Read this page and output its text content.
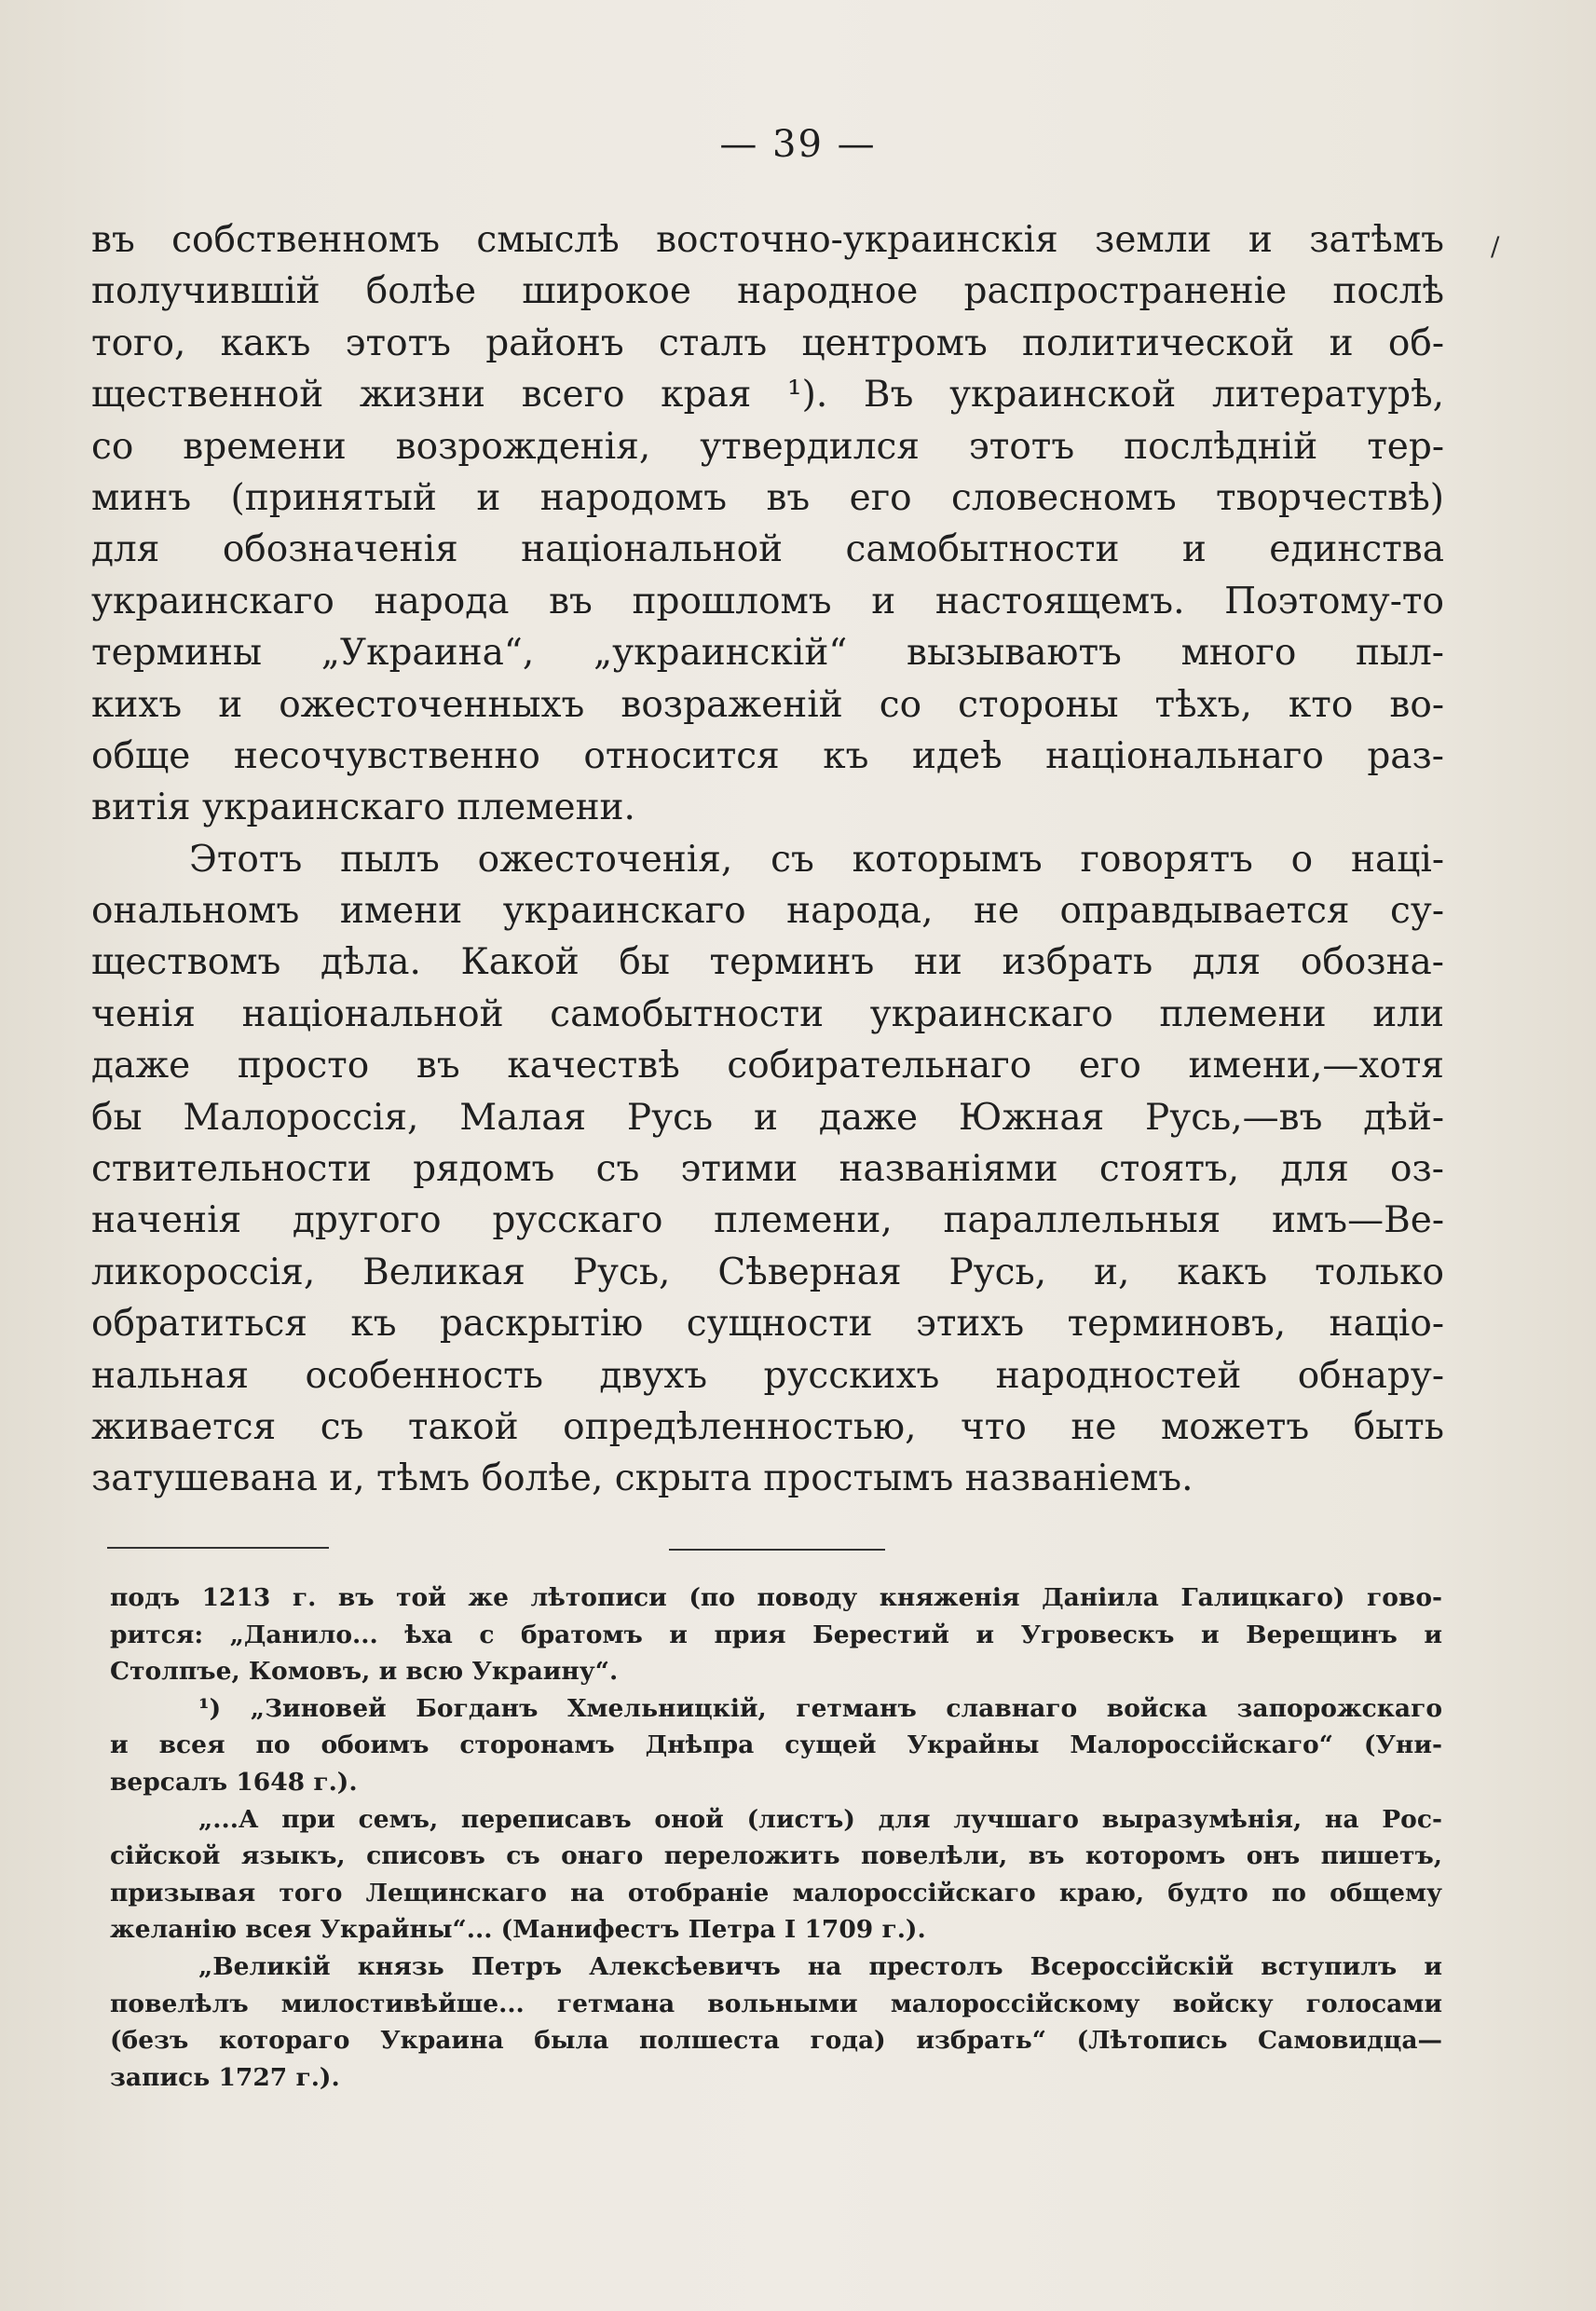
— 39 —
въ собственномъ смыслѣ восточно-украинскія земли и затѣмъ
получившій болѣе широкое народное распространеніе послѣ
того, какъ этотъ районъ сталъ центромъ политической и об-
щественной жизни всего края ¹). Въ украинской литературѣ,
со времени возрожденія, утвердился этотъ послѣдній тер-
минъ (принятый и народомъ въ его словесномъ творчествѣ)
для обозначенія національной самобытности и единства
украинскаго народа въ прошломъ и настоящемъ. Поэтому-то
термины „Украина“, „украинскій“ вызываютъ много пыл-
кихъ и ожесточенныхъ возраженій со стороны тѣхъ, кто во-
обще несочувственно относится къ идеѣ національнаго раз-
витія украинскаго племени.
Этотъ пылъ ожесточенія, съ которымъ говорятъ о наці-
ональномъ имени украинскаго народа, не оправдывается су-
ществомъ дѣла. Какой бы терминъ ни избрать для обозна-
ченія національной самобытности украинскаго племени или
даже просто въ качествѣ собирательнаго его имени,—хотя
бы Малороссія, Малая Русь и даже Южная Русь,—въ дѣй-
ствительности рядомъ съ этими названіями стоятъ, для оз-
наченія другого русскаго племени, параллельныя имъ—Ве-
ликороссія, Великая Русь, Сѣверная Русь, и, какъ только
обратиться къ раскрытію сущности этихъ терминовъ, націо-
нальная особенность двухъ русскихъ народностей обнару-
живается съ такой опредѣленностью, что не можетъ быть
затушевана и, тѣмъ болѣе, скрыта простымъ названіемъ.
подъ 1213 г. въ той же лѣтописи (по поводу княженія Даніила Галицкаго) гово-
рится: „Данило... ѣха с братомъ и прия Берестий и Угровескъ и Верещинъ и
Столпъе, Комовъ, и всю Украину“.
¹) „Зиновей Богданъ Хмельницкій, гетманъ славнаго войска запорожскаго
и всея по обоимъ сторонамъ Днѣпра сущей Украйны Малороссійскаго“ (Уни-
версалъ 1648 г.).
„...А при семъ, переписавъ оной (листъ) для лучшаго выразумѣнія, на Рос-
сійской языкъ, списовъ съ онаго переложить повелѣли, въ которомъ онъ пишетъ,
призывая того Лещинскаго на отобраніе малороссійскаго краю, будто по общему
желанію всея Украйны“... (Манифестъ Петра I 1709 г.).
„Великій князь Петръ Алексѣевичъ на престолъ Всероссійскій вступилъ и
повелѣлъ милостивѣйше... гетмана вольными малороссійскому войску голосами
(безъ котораго Украина была полшеста года) избрать“ (Лѣтопись Самовидца—
запись 1727 г.).
/
